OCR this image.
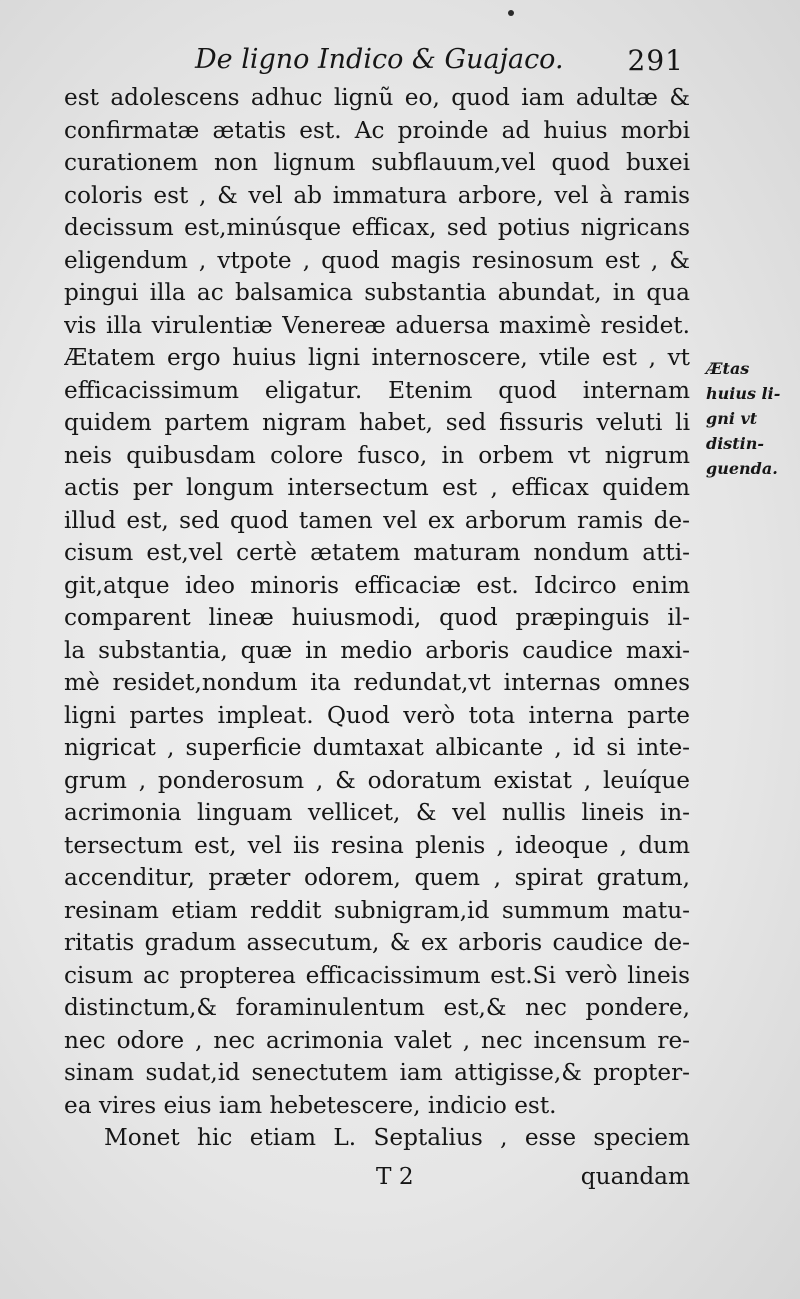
De ligno Indico & Guajaco. 291
est adolescens adhuc lignũ eo, quod iam adultæ &
confirmatæ ætatis est. Ac proinde ad huius morbi
curationem non lignum subflauum,vel quod buxei
coloris est , & vel ab immatura arbore, vel à ramis
decissum est,minúsque efficax, sed potius nigricans
eligendum , vtpote , quod magis resinosum est , &
pingui illa ac balsamica substantia abundat, in qua
vis illa virulentiæ Venereæ aduersa maximè residet.
Ætatem ergo huius ligni internoscere, vtile est , vt
efficacissimum eligatur. Etenim quod internam
quidem partem nigram habet, sed fissuris veluti li
neis quibusdam colore fusco, in orbem vt nigrum
actis per longum intersectum est , efficax quidem
illud est, sed quod tamen vel ex arborum ramis de-
cisum est,vel certè ætatem maturam nondum atti-
git,atque ideo minoris efficaciæ est. Idcirco enim
comparent lineæ huiusmodi, quod præpinguis il-
la substantia, quæ in medio arboris caudice maxi-
mè residet,nondum ita redundat,vt internas omnes
ligni partes impleat. Quod verò tota interna parte
nigricat , superficie dumtaxat albicante , id si inte-
grum , ponderosum , & odoratum existat , leuíque
acrimonia linguam vellicet, & vel nullis lineis in-
tersectum est, vel iis resina plenis , ideoque , dum
accenditur, præter odorem, quem , spirat gratum,
resinam etiam reddit subnigram,id summum matu-
ritatis gradum assecutum, & ex arboris caudice de-
cisum ac propterea efficacissimum est.Si verò lineis
distinctum,& foraminulentum est,& nec pondere,
nec odore , nec acrimonia valet , nec incensum re-
sinam sudat,id senectutem iam attigisse,& propter-
ea vires eius iam hebetescere, indicio est.
Monet hic etiam L. Septalius , esse speciem
Ætas
huius li-
gni vt
distin-
guenda.
T 2	quandam
